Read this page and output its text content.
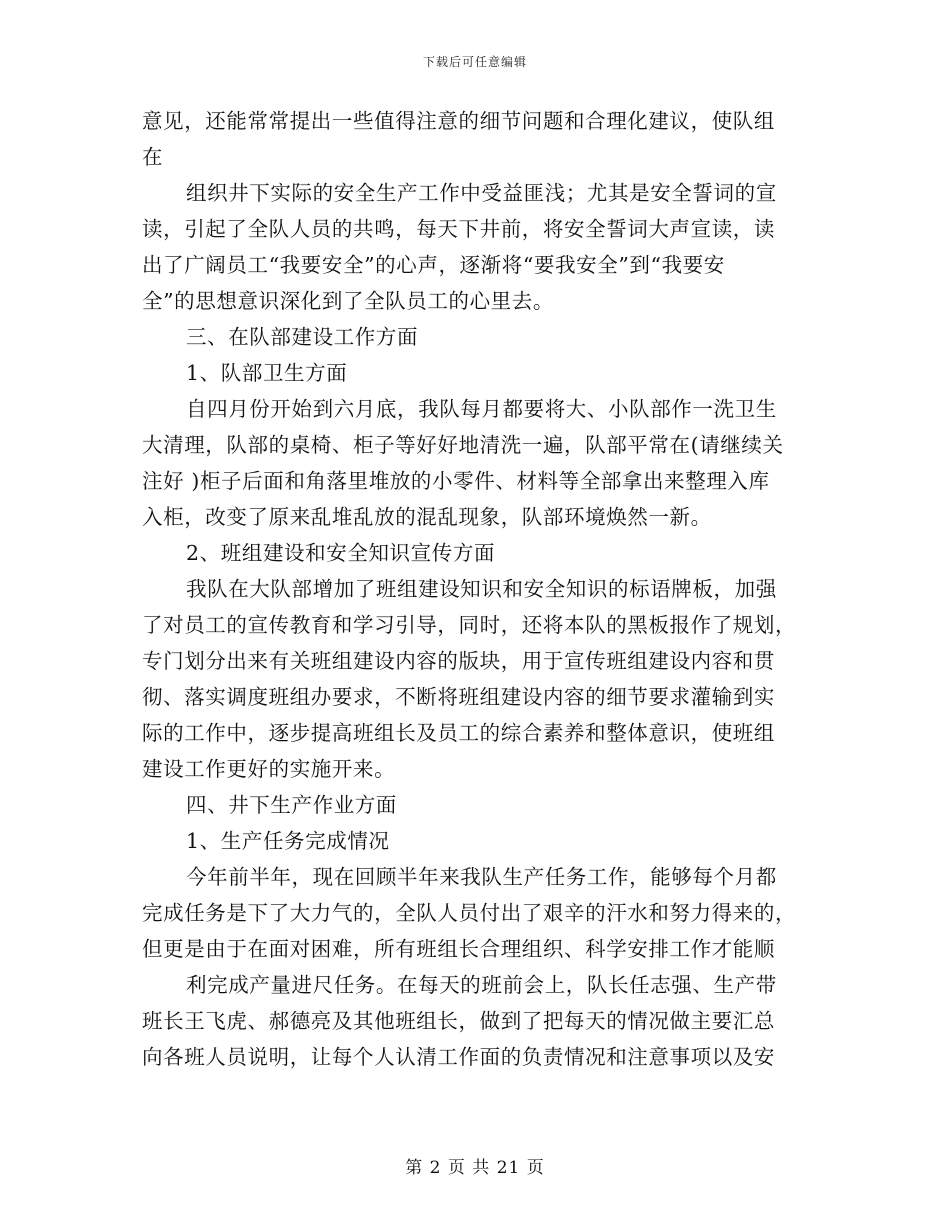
下载后可任意编辑
意见，还能常常提出一些值得注意的细节问题和合理化建议，使队组
在
组织井下实际的安全生产工作中受益匪浅；尤其是安全誓词的宣
读，引起了全队人员的共鸣，每天下井前，将安全誓词大声宣读，读
出了广阔员工“我要安全”的心声，逐渐将“要我安全”到“我要安
全”的思想意识深化到了全队员工的心里去。
三、在队部建设工作方面
1、队部卫生方面
自四月份开始到六月底，我队每月都要将大、小队部作一洗卫生
大清理，队部的桌椅、柜子等好好地清洗一遍，队部平常在(请继续关
注好 )柜子后面和角落里堆放的小零件、材料等全部拿出来整理入库
入柜，改变了原来乱堆乱放的混乱现象，队部环境焕然一新。
2、班组建设和安全知识宣传方面
我队在大队部增加了班组建设知识和安全知识的标语牌板，加强
了对员工的宣传教育和学习引导，同时，还将本队的黑板报作了规划，
专门划分出来有关班组建设内容的版块，用于宣传班组建设内容和贯
彻、落实调度班组办要求，不断将班组建设内容的细节要求灌输到实
际的工作中，逐步提高班组长及员工的综合素养和整体意识，使班组
建设工作更好的实施开来。
四、井下生产作业方面
1、生产任务完成情况
今年前半年，现在回顾半年来我队生产任务工作，能够每个月都
完成任务是下了大力气的，全队人员付出了艰辛的汗水和努力得来的，
但更是由于在面对困难，所有班组长合理组织、科学安排工作才能顺
利完成产量进尺任务。在每天的班前会上，队长任志强、生产带
班长王飞虎、郝德亮及其他班组长，做到了把每天的情况做主要汇总
向各班人员说明，让每个人认清工作面的负责情况和注意事项以及安
第 2 页 共 21 页
